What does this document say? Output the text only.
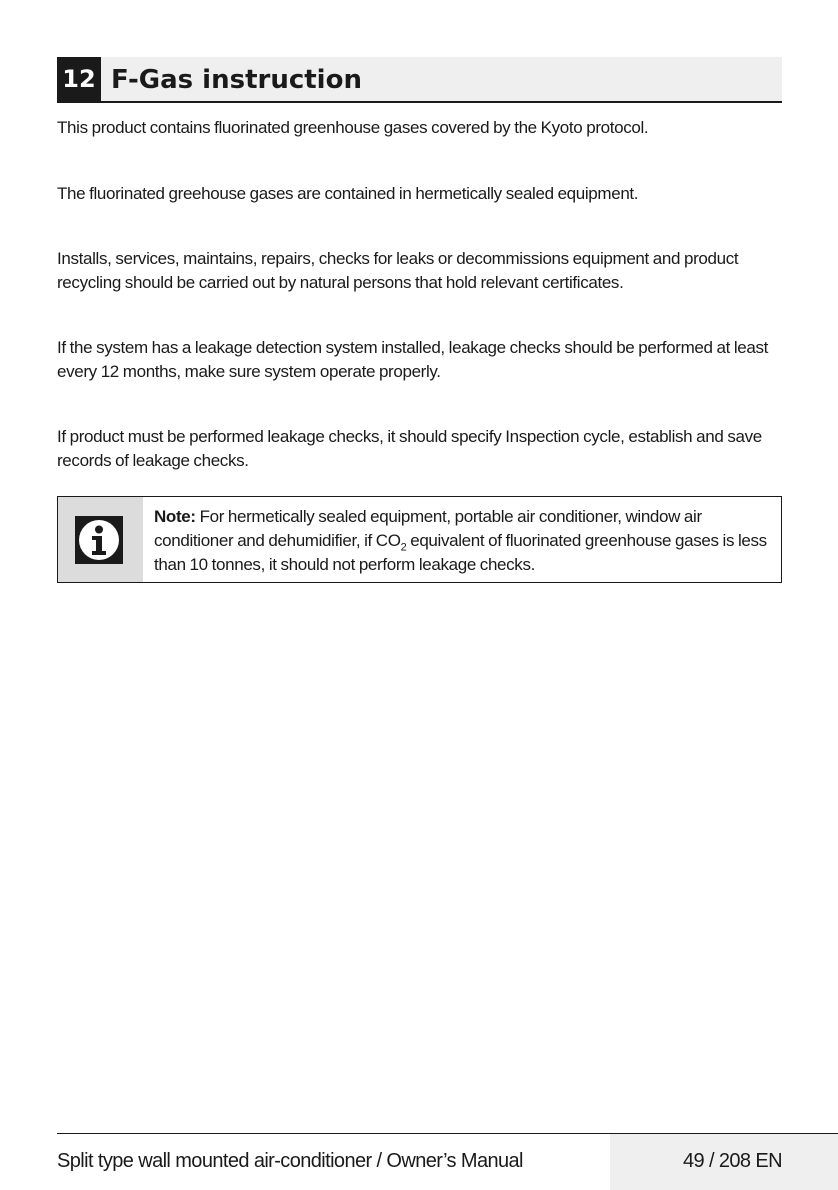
12 F-Gas instruction

This product contains fluorinated greenhouse gases covered by the Kyoto protocol.

The fluorinated greehouse gases are contained in hermetically sealed equipment.

Installs, services, maintains, repairs, checks for leaks or decommissions equipment and product recycling should be carried out by natural persons that hold relevant certificates.

If the system has a leakage detection system installed, leakage checks should be performed at least every 12 months, make sure system operate properly.

If product must be performed leakage checks, it should specify Inspection cycle, establish and save records of leakage checks.

Note: For hermetically sealed equipment, portable air conditioner, window air conditioner and dehumidifier, if $CO_2$ equivalent of fluorinated greenhouse gases is less than 10 tonnes, it should not perform leakage checks.
Split type wall mounted air-conditioner / Owner’s Manual	49 / 208 EN
